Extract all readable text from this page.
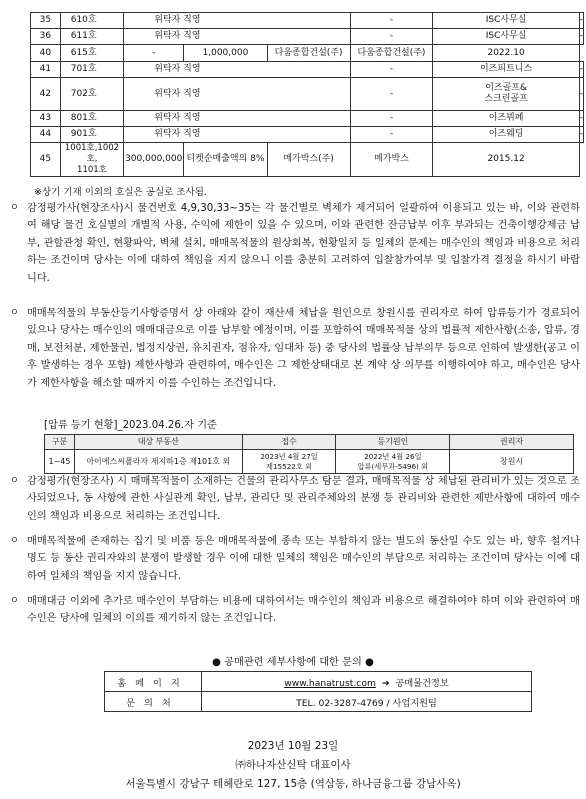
35	610호	위탁자 직영			-	ISC사무실	-
36	611호	위탁자 직영			-	ISC사무실	-
40	615호	-	1,000,000	다움종합건설(주)	다움종합건설(주)	2022.10	
41	701호	위탁자 직영			-	이즈피트니스	-
42	702호	위탁자 직영			-	이즈골프&
스크린골프	-
43	801호	위탁자 직영			-	이즈뷔페	-
44	901호	위탁자 직영			-	이즈웨딩	-
45	1001호,1002호,
1101호	300,000,000	티켓순매출액의 8%	메가박스(주)	메가박스	2015.12	
※상기 기재 이외의 호실은 공실로 조사됨.
ㅇ 감정평가사(현장조사)시 물건번호 4,9,30,33~35는 각 물건별로 벽체가 제거되어 일괄하여 이용되고 있는 바, 이와 관련하여 해당 물건 호실별의 개별적 사용, 수익에 제한이 있을 수 있으며, 이와 관련한 잔금납부 이후 부과되는 건축이행강제금 납부, 관할관청 확인, 현황파악, 벽체 설치, 매매목적물의 원상회복, 현황일치 등 일체의 문제는 매수인의 책임과 비용으로 처리하는 조건이며 당사는 이에 대하여 책임을 지지 않으니 이를 충분히 고려하여 입찰참가여부 및 입찰가격 결정을 하시기 바랍니다.
ㅇ 매매목적물의 부동산등기사항증명서 상 아래와 같이 재산세 체납을 원인으로 창원시를 권리자로 하여 압류등기가 경료되어 있으나 당사는 매수인의 매매대금으로 이를 납부할 예정이며, 이를 포함하여 매매목적물 상의 법률적 제한사항(소송, 압류, 경매, 보전처분, 제한물권, 법정지상권, 유치권자, 점유자, 임대차 등) 중 당사의 법률상 납부의무 등으로 인하여 발생한(공고 이후 발생하는 경우 포함) 제한사항과 관련하여, 매수인은 그 제한상태대로 본 계약 상 의무를 이행하여야 하고, 매수인은 당사가 제한사항을 해소할 때까지 이를 수인하는 조건입니다.
[압류 등기 현황]_2023.04.26.자 기준
구분	대상 부동산	접수	등기원인	권리자
1~45	아이에스씨플라자 제지하1층 제101호 외	2023년 4월 27일
제15522호 외	2022년 4월 26일
압류(세무과-5496) 외	창원시
ㅇ 감정평가(현장조사) 시 매매목적물이 소재하는 건물의 관리사무소 탐문 결과, 매매목적물 상 체납된 관리비가 있는 것으로 조사되었으나, 동 사항에 관한 사실관계 확인, 납부, 관리단 및 관리주체와의 분쟁 등 관리비와 관련한 제반사항에 대하여 매수인의 책임과 비용으로 처리하는 조건입니다.
ㅇ 매매목적물에 존재하는 집기 및 비품 등은 매매목적물에 종속 또는 부합하지 않는 별도의 동산일 수도 있는 바, 향후 철거나 명도 등 동산 권리자와의 분쟁이 발생할 경우 이에 대한 일체의 책임은 매수인의 부담으로 처리하는 조건이며 당사는 이에 대하여 일체의 책임을 지지 않습니다.
ㅇ 매매대금 이외에 추가로 매수인이 부담하는 비용에 대하여서는 매수인의 책임과 비용으로 해결하여야 하며 이와 관련하여 매수인은 당사에 일체의 이의를 제기하지 않는 조건입니다.
● 공매관련 세부사항에 대한 문의 ●
홈페이지	www.hanatrust.com ➔ 공매물건정보
문의처	TEL. 02-3287-4769 / 사업지원팀
2023년 10월 23일
㈜하나자산신탁 대표이사
서울특별시 강남구 테헤란로 127, 15층 (역삼동, 하나금융그룹 강남사옥)
